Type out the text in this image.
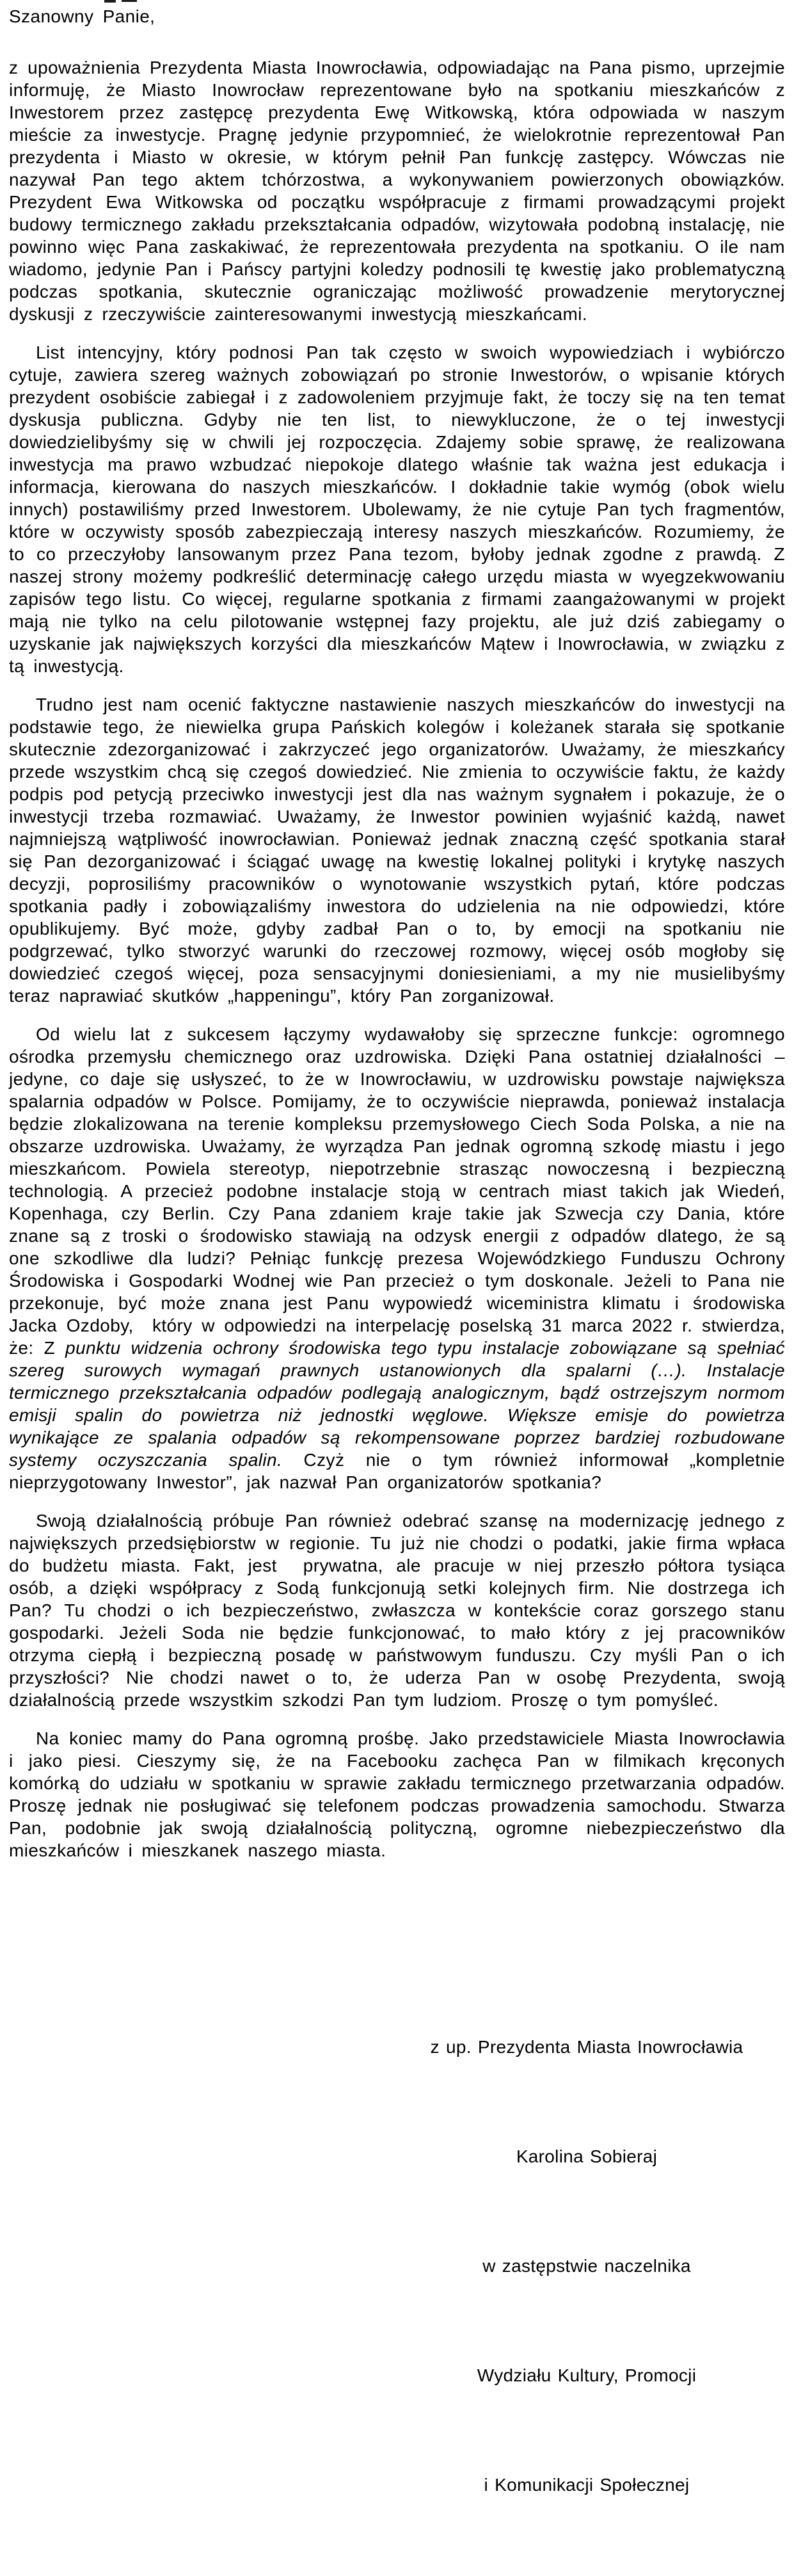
Szanowny Panie,

z upoważnienia Prezydenta Miasta Inowrocławia, odpowiadając na Pana pismo, uprzejmie informuję, że Miasto Inowrocław reprezentowane było na spotkaniu mieszkańców z Inwestorem przez zastępcę prezydenta Ewę Witkowską, która odpowiada w naszym mieście za inwestycje. Pragnę jedynie przypomnieć, że wielokrotnie reprezentował Pan prezydenta i Miasto w okresie, w którym pełnił Pan funkcję zastępcy. Wówczas nie nazywał Pan tego aktem tchórzostwa, a wykonywaniem powierzonych obowiązków. Prezydent Ewa Witkowska od początku współpracuje z firmami prowadzącymi projekt budowy termicznego zakładu przekształcania odpadów, wizytowała podobną instalację, nie powinno więc Pana zaskakiwać, że reprezentowała prezydenta na spotkaniu. O ile nam wiadomo, jedynie Pan i Pańscy partyjni koledzy podnosili tę kwestię jako problematyczną podczas spotkania, skutecznie ograniczając możliwość prowadzenie merytorycznej dyskusji z rzeczywiście zainteresowanymi inwestycją mieszkańcami.

List intencyjny, który podnosi Pan tak często w swoich wypowiedziach i wybiórczo cytuje, zawiera szereg ważnych zobowiązań po stronie Inwestorów, o wpisanie których prezydent osobiście zabiegał i z zadowoleniem przyjmuje fakt, że toczy się na ten temat dyskusja publiczna. Gdyby nie ten list, to niewykluczone, że o tej inwestycji dowiedzielibyśmy się w chwili jej rozpoczęcia. Zdajemy sobie sprawę, że realizowana inwestycja ma prawo wzbudzać niepokoje dlatego właśnie tak ważna jest edukacja i informacja, kierowana do naszych mieszkańców. I dokładnie takie wymóg (obok wielu innych) postawiliśmy przed Inwestorem. Ubolewamy, że nie cytuje Pan tych fragmentów, które w oczywisty sposób zabezpieczają interesy naszych mieszkańców. Rozumiemy, że to co przeczyłoby lansowanym przez Pana tezom, byłoby jednak zgodne z prawdą. Z naszej strony możemy podkreślić determinację całego urzędu miasta w wyegzekwowaniu zapisów tego listu. Co więcej, regularne spotkania z firmami zaangażowanymi w projekt mają nie tylko na celu pilotowanie wstępnej fazy projektu, ale już dziś zabiegamy o uzyskanie jak największych korzyści dla mieszkańców Mątew i Inowrocławia, w związku z tą inwestycją.

Trudno jest nam ocenić faktyczne nastawienie naszych mieszkańców do inwestycji na podstawie tego, że niewielka grupa Pańskich kolegów i koleżanek starała się spotkanie skutecznie zdezorganizować i zakrzyczeć jego organizatorów. Uważamy, że mieszkańcy przede wszystkim chcą się czegoś dowiedzieć. Nie zmienia to oczywiście faktu, że każdy podpis pod petycją przeciwko inwestycji jest dla nas ważnym sygnałem i pokazuje, że o inwestycji trzeba rozmawiać. Uważamy, że Inwestor powinien wyjaśnić każdą, nawet najmniejszą wątpliwość inowrocławian. Ponieważ jednak znaczną część spotkania starał się Pan dezorganizować i ściągać uwagę na kwestię lokalnej polityki i krytykę naszych decyzji, poprosiliśmy pracowników o wynotowanie wszystkich pytań, które podczas spotkania padły i zobowiązaliśmy inwestora do udzielenia na nie odpowiedzi, które opublikujemy. Być może, gdyby zadbał Pan o to, by emocji na spotkaniu nie podgrzewać, tylko stworzyć warunki do rzeczowej rozmowy, więcej osób mogłoby się dowiedzieć czegoś więcej, poza sensacyjnymi doniesieniami, a my nie musielibyśmy teraz naprawiać skutków „happeningu”, który Pan zorganizował.

Od wielu lat z sukcesem łączymy wydawałoby się sprzeczne funkcje: ogromnego ośrodka przemysłu chemicznego oraz uzdrowiska. Dzięki Pana ostatniej działalności – jedyne, co daje się usłyszeć, to że w Inowrocławiu, w uzdrowisku powstaje największa spalarnia odpadów w Polsce. Pomijamy, że to oczywiście nieprawda, ponieważ instalacja będzie zlokalizowana na terenie kompleksu przemysłowego Ciech Soda Polska, a nie na obszarze uzdrowiska. Uważamy, że wyrządza Pan jednak ogromną szkodę miastu i jego mieszkańcom. Powiela stereotyp, niepotrzebnie strasząc nowoczesną i bezpieczną technologią. A przecież podobne instalacje stoją w centrach miast takich jak Wiedeń, Kopenhaga, czy Berlin. Czy Pana zdaniem kraje takie jak Szwecja czy Dania, które znane są z troski o środowisko stawiają na odzysk energii z odpadów dlatego, że są one szkodliwe dla ludzi? Pełniąc funkcję prezesa Wojewódzkiego Funduszu Ochrony Środowiska i Gospodarki Wodnej wie Pan przecież o tym doskonale. Jeżeli to Pana nie przekonuje, być może znana jest Panu wypowiedź wiceministra klimatu i środowiska Jacka Ozdoby,  który w odpowiedzi na interpelację poselską 31 marca 2022 r. stwierdza, że: Z punktu widzenia ochrony środowiska tego typu instalacje zobowiązane są spełniać szereg surowych wymagań prawnych ustanowionych dla spalarni (…). Instalacje termicznego przekształcania odpadów podlegają analogicznym, bądź ostrzejszym normom emisji spalin do powietrza niż jednostki węglowe. Większe emisje do powietrza wynikające ze spalania odpadów są rekompensowane poprzez bardziej rozbudowane systemy oczyszczania spalin. Czyż nie o tym również informował „kompletnie nieprzygotowany Inwestor”, jak nazwał Pan organizatorów spotkania?

Swoją działalnością próbuje Pan również odebrać szansę na modernizację jednego z największych przedsiębiorstw w regionie. Tu już nie chodzi o podatki, jakie firma wpłaca do budżetu miasta. Fakt, jest  prywatna, ale pracuje w niej przeszło półtora tysiąca osób, a dzięki współpracy z Sodą funkcjonują setki kolejnych firm. Nie dostrzega ich Pan? Tu chodzi o ich bezpieczeństwo, zwłaszcza w kontekście coraz gorszego stanu gospodarki. Jeżeli Soda nie będzie funkcjonować, to mało który z jej pracowników otrzyma ciepłą i bezpieczną posadę w państwowym funduszu. Czy myśli Pan o ich przyszłości? Nie chodzi nawet o to, że uderza Pan w osobę Prezydenta, swoją działalnością przede wszystkim szkodzi Pan tym ludziom. Proszę o tym pomyśleć.

Na koniec mamy do Pana ogromną prośbę. Jako przedstawiciele Miasta Inowrocławia i jako piesi. Cieszymy się, że na Facebooku zachęca Pan w filmikach kręconych komórką do udziału w spotkaniu w sprawie zakładu termicznego przetwarzania odpadów. Proszę jednak nie posługiwać się telefonem podczas prowadzenia samochodu. Stwarza Pan, podobnie jak swoją działalnością polityczną, ogromne niebezpieczeństwo dla mieszkańców i mieszkanek naszego miasta.

z up. Prezydenta Miasta Inowrocławia

Karolina Sobieraj

w zastępstwie naczelnika

Wydziału Kultury, Promocji

i Komunikacji Społecznej
